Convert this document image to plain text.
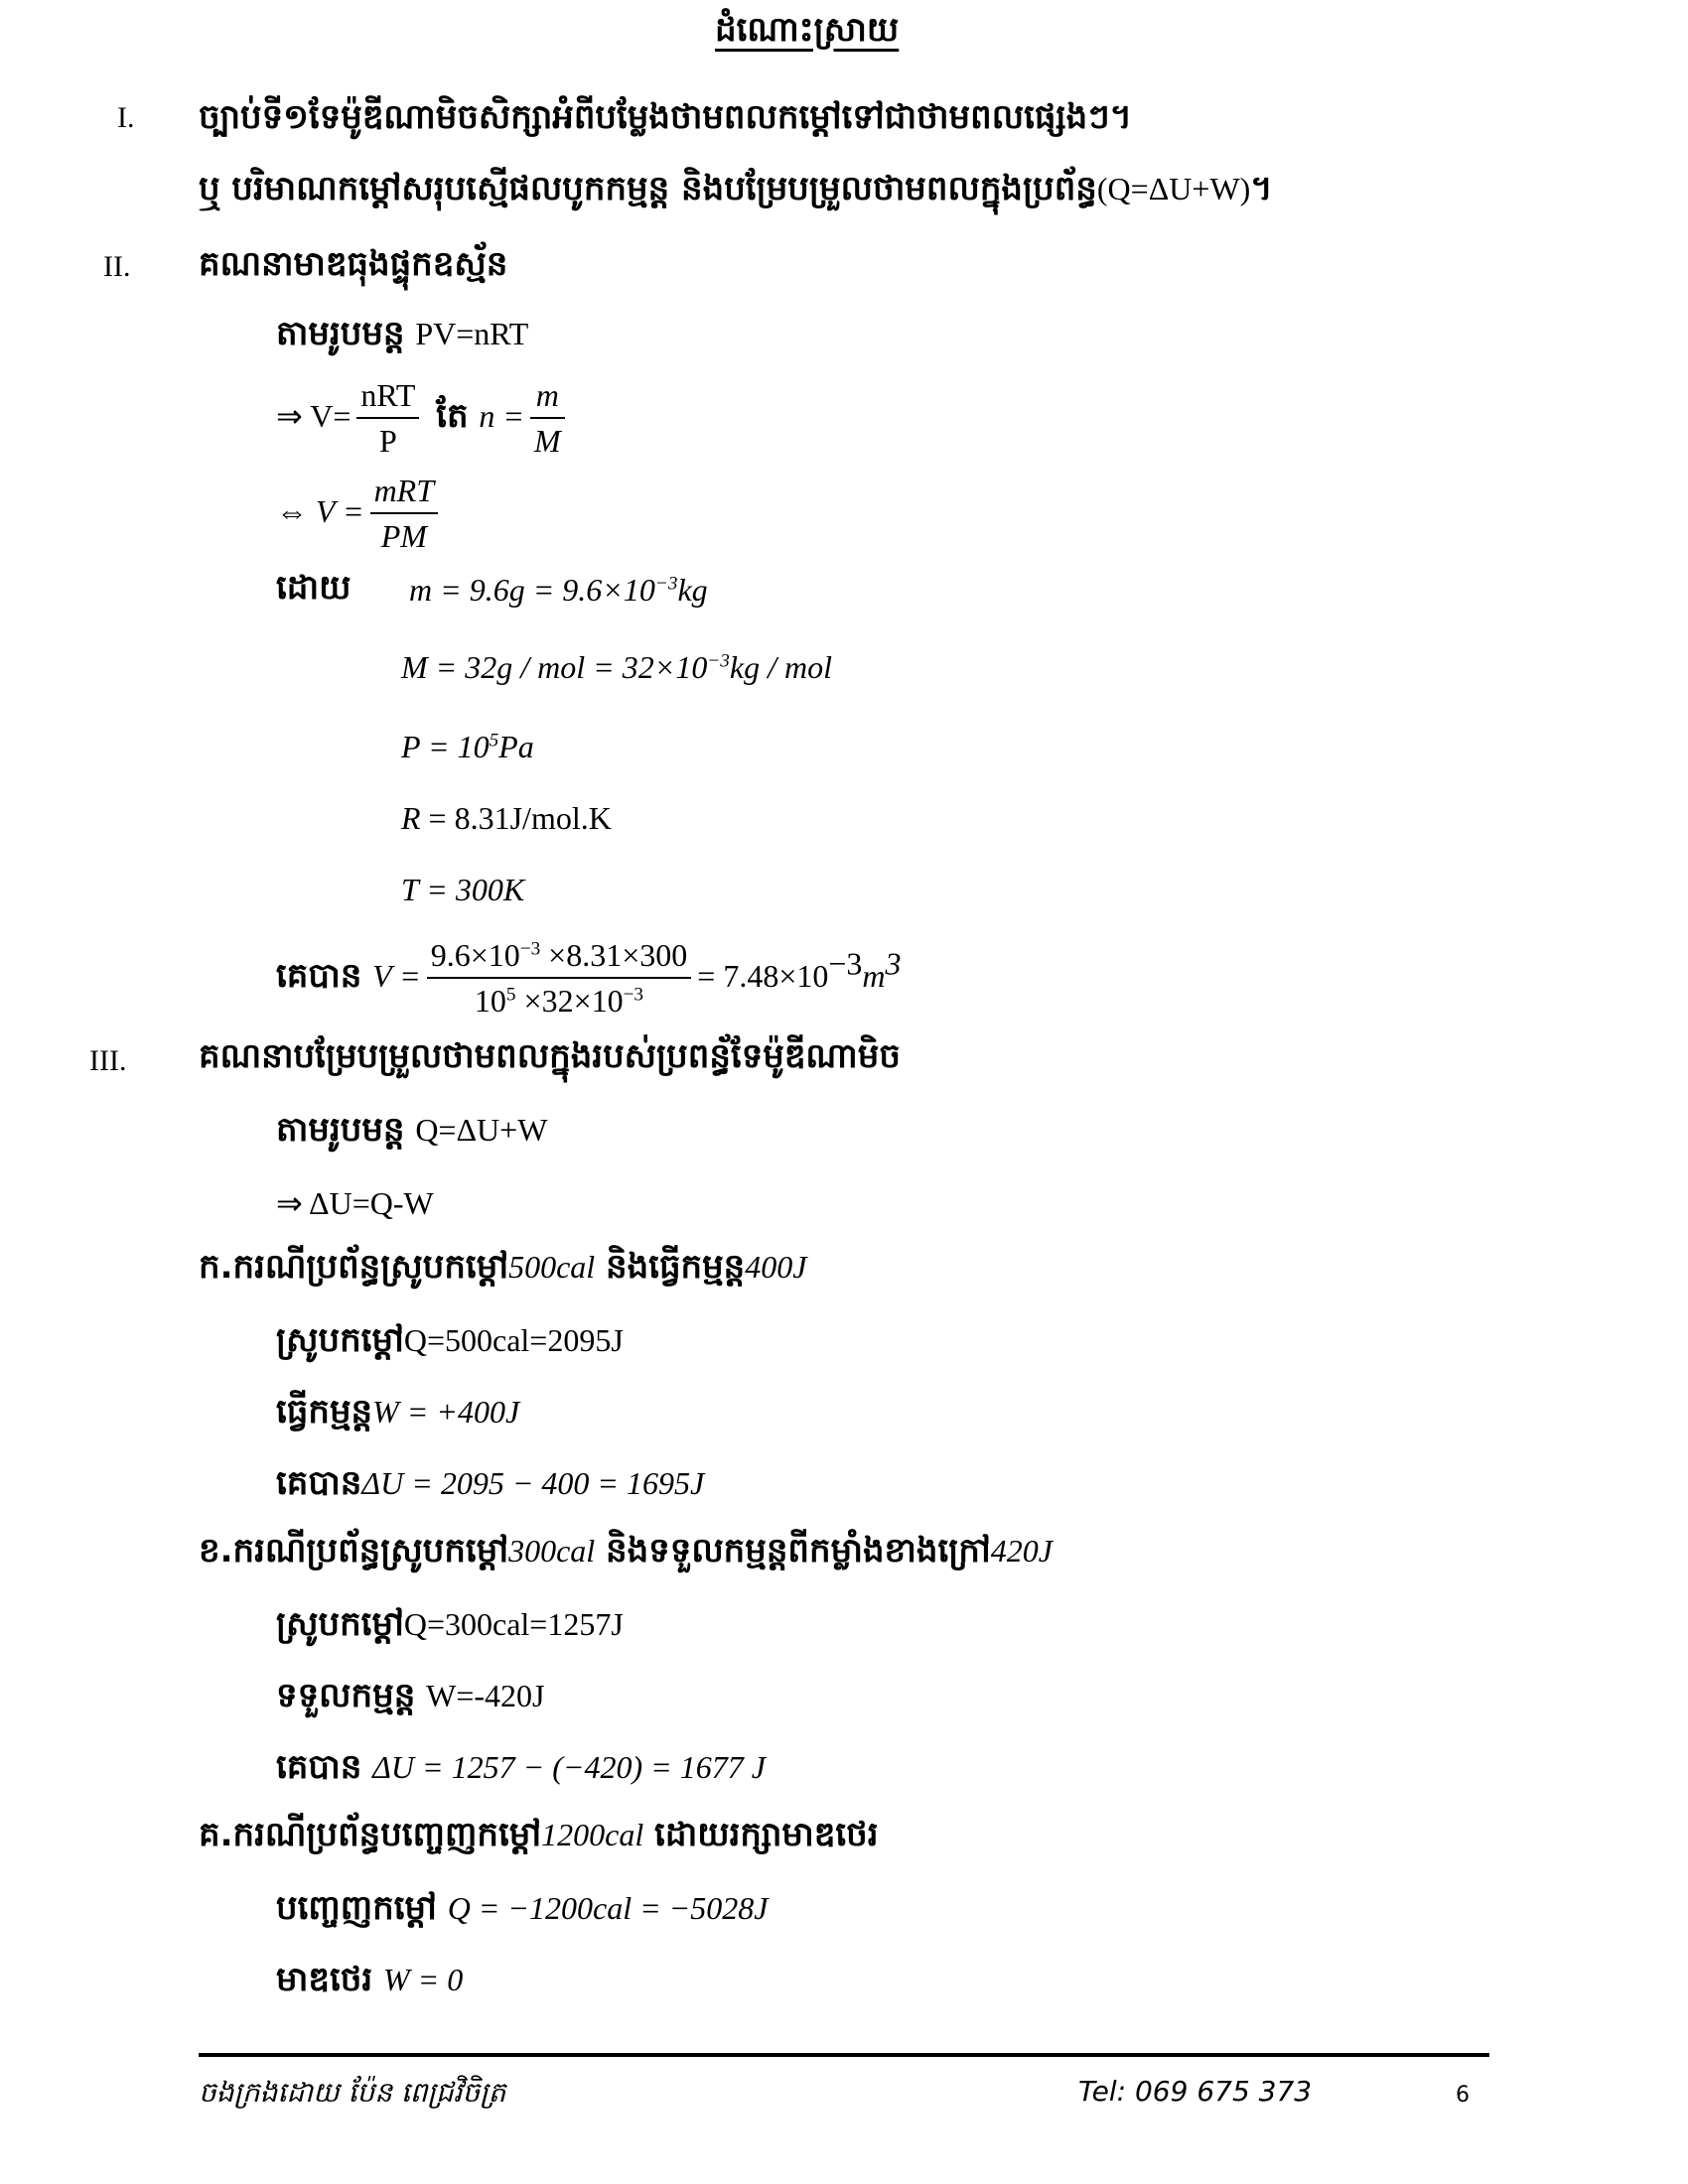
ដំណោះស្រាយ
I. ច្បាប់ទី១ទែម៉ូឌីណាមិចសិក្សាអំពីបម្លែងថាមពលកម្តៅទៅជាថាមពលផ្សេងៗ។
ឬ បរិមាណកម្តៅសរុបស្មើផលបូកកម្មន្ត និងបម្រែបម្រួលថាមពលក្នុងប្រព័ន្ធ(Q=ΔU+W)។
II. គណនាមាឌធុងផ្ទុកឧស្ម័ន
តាមរូបមន្ត PV=nRT
⇒ $V= \frac{\text{nRT}}{P}$ តែ $n = \frac{m}{M}$
⇔ $V = \frac{\text{mRT}}{PM}$
ដោយ $m = 9.6g = 9.6\times 10^{-3}kg$
M = 32g / mol = $32\times 10^{-3}kg$ / mol
$P = 10^5Pa$
R = 8.31J/mol.K
T = 300K
គេបាន $V = \frac{9.6\times 10^{-3} \times 8.31\times 300}{10^5 \times 32\times 10^{-3}} = 7.48\times 10^{-3}m^3$
III. គណនាបម្រែបម្រួលថាមពលក្នុងរបស់ប្រពន្ធ័ទែម៉ូឌីណាមិច
តាមរូបមន្ត Q=ΔU+W
⇒ ΔU=Q-W
ក.ករណីប្រព័ន្ធស្រូបកម្តៅ500cal និងធ្វើកម្មន្ត400J
ស្រូបកម្តៅQ=500cal=2095J
ធ្វើកម្មន្តW = +400J
គេបានΔU = 2095 − 400 = 1695J
ខ.ករណីប្រព័ន្ធស្រូបកម្តៅ300cal និងទទួលកម្មន្តពីកម្លាំងខាងក្រៅ420J
ស្រូបកម្តៅQ=300cal=1257J
ទទួលកម្មន្ត W=-420J
គេបាន ΔU = 1257 − (−420) = 1677 J
គ.ករណីប្រព័ន្ធបញ្ចេញកម្តៅ1200cal ដោយរក្សាមាឌថេរ
បញ្ចេញកម្តៅ Q = −1200cal = −5028J
មាឌថេរ W = 0
ចងក្រងដោយ ប៉ែន ពេជ្រវិចិត្រ	Tel: 069 675 373	6
